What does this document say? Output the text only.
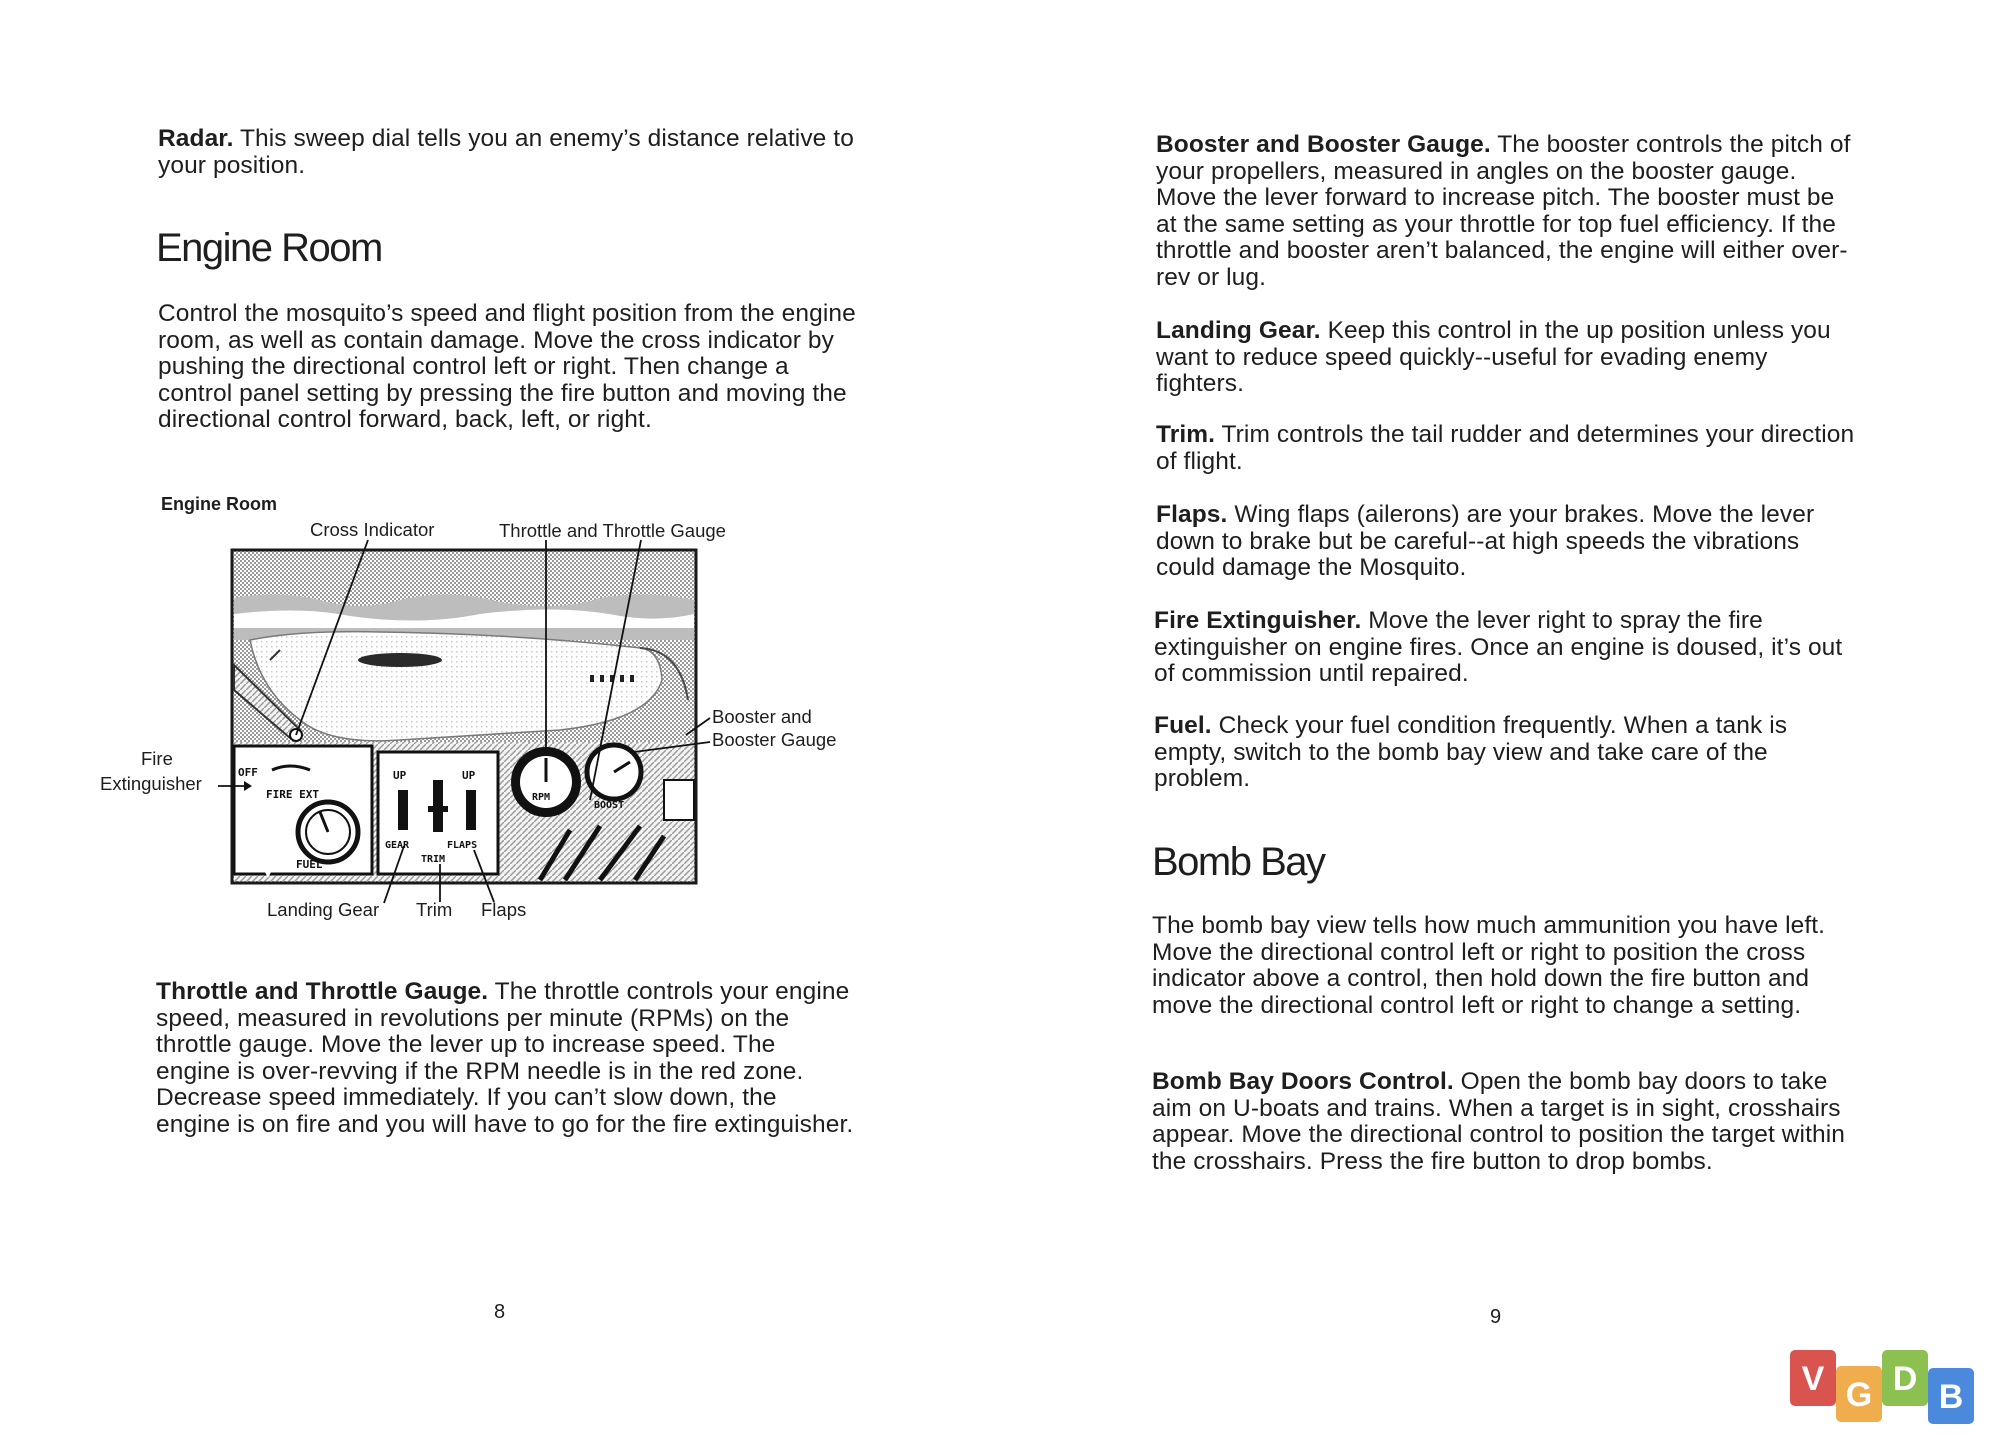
Radar. This sweep dial tells you an enemy’s distance relative to your position.

Engine Room

Control the mosquito’s speed and flight position from the engine room, as well as contain damage. Move the cross indicator by pushing the directional control left or right. Then change a control panel setting by pressing the fire button and moving the directional control forward, back, left, or right.

Engine Room
Cross Indicator	Throttle and Throttle Gauge
Booster and
Booster Gauge
Fire
Extinguisher
Landing Gear Trim Flaps
OFF
FIRE EXT
FUEL
UP	UP
GEAR	FLAPS
TRIM
RPM
BOOST

Throttle and Throttle Gauge. The throttle controls your engine speed, measured in revolutions per minute (RPMs) on the throttle gauge. Move the lever up to increase speed. The engine is over-revving if the RPM needle is in the red zone. Decrease speed immediately. If you can’t slow down, the engine is on fire and you will have to go for the fire extinguisher.

8

Booster and Booster Gauge. The booster controls the pitch of your propellers, measured in angles on the booster gauge. Move the lever forward to increase pitch. The booster must be at the same setting as your throttle for top fuel efficiency. If the throttle and booster aren’t balanced, the engine will either over-rev or lug.

Landing Gear. Keep this control in the up position unless you want to reduce speed quickly--useful for evading enemy fighters.

Trim. Trim controls the tail rudder and determines your direction of flight.

Flaps. Wing flaps (ailerons) are your brakes. Move the lever down to brake but be careful--at high speeds the vibrations could damage the Mosquito.

Fire Extinguisher. Move the lever right to spray the fire extinguisher on engine fires. Once an engine is doused, it’s out of commission until repaired.

Fuel. Check your fuel condition frequently. When a tank is empty, switch to the bomb bay view and take care of the problem.

Bomb Bay

The bomb bay view tells how much ammunition you have left. Move the directional control left or right to position the cross indicator above a control, then hold down the fire button and move the directional control left or right to change a setting.

Bomb Bay Doors Control. Open the bomb bay doors to take aim on U-boats and trains. When a target is in sight, crosshairs appear. Move the directional control to position the target within the crosshairs. Press the fire button to drop bombs.

9
V G D B
